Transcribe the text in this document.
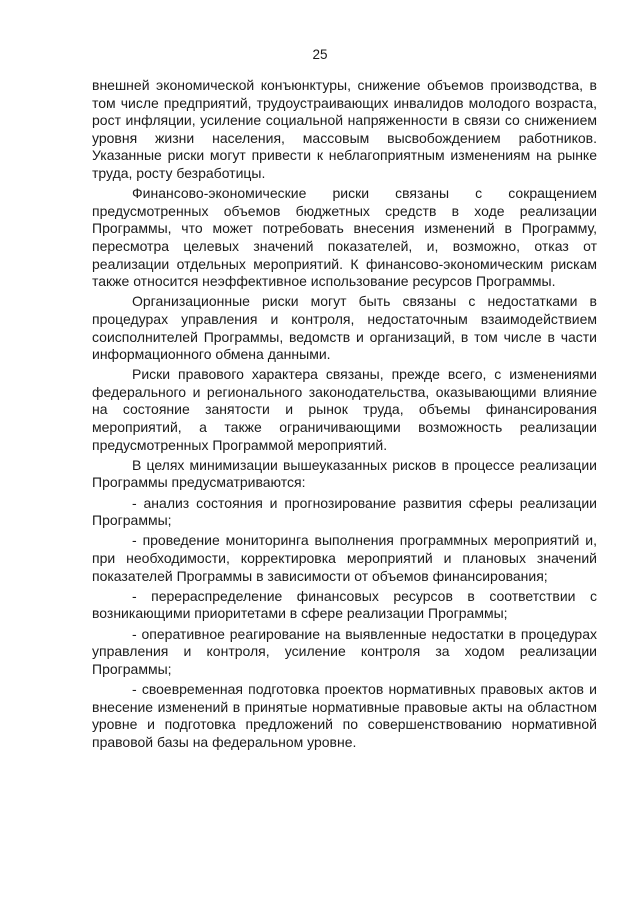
25

внешней экономической конъюнктуры, снижение объемов производства, в том числе предприятий, трудоустраивающих инвалидов молодого возраста, рост инфляции, усиление социальной напряженности в связи со снижением уровня жизни населения, массовым высвобождением работников. Указанные риски могут привести к неблагоприятным изменениям на рынке труда, росту безработицы.

Финансово-экономические риски связаны с сокращением предусмотренных объемов бюджетных средств в ходе реализации Программы, что может потребовать внесения изменений в Программу, пересмотра целевых значений показателей, и, возможно, отказ от реализации отдельных мероприятий. К финансово-экономическим рискам также относится неэффективное использование ресурсов Программы.

Организационные риски могут быть связаны с недостатками в процедурах управления и контроля, недостаточным взаимодействием соисполнителей Программы, ведомств и организаций, в том числе в части информационного обмена данными.

Риски правового характера связаны, прежде всего, с изменениями федерального и регионального законодательства, оказывающими влияние на состояние занятости и рынок труда, объемы финансирования мероприятий, а также ограничивающими возможность реализации предусмотренных Программой мероприятий.

В целях минимизации вышеуказанных рисков в процессе реализации Программы предусматриваются:

- анализ состояния и прогнозирование развития сферы реализации Программы;

- проведение мониторинга выполнения программных мероприятий и, при необходимости, корректировка мероприятий и плановых значений показателей Программы в зависимости от объемов финансирования;

- перераспределение финансовых ресурсов в соответствии с возникающими приоритетами в сфере реализации Программы;

- оперативное реагирование на выявленные недостатки в процедурах управления и контроля, усиление контроля за ходом реализации Программы;

- своевременная подготовка проектов нормативных правовых актов и внесение изменений в принятые нормативные правовые акты на областном уровне и подготовка предложений по совершенствованию нормативной правовой базы на федеральном уровне.
